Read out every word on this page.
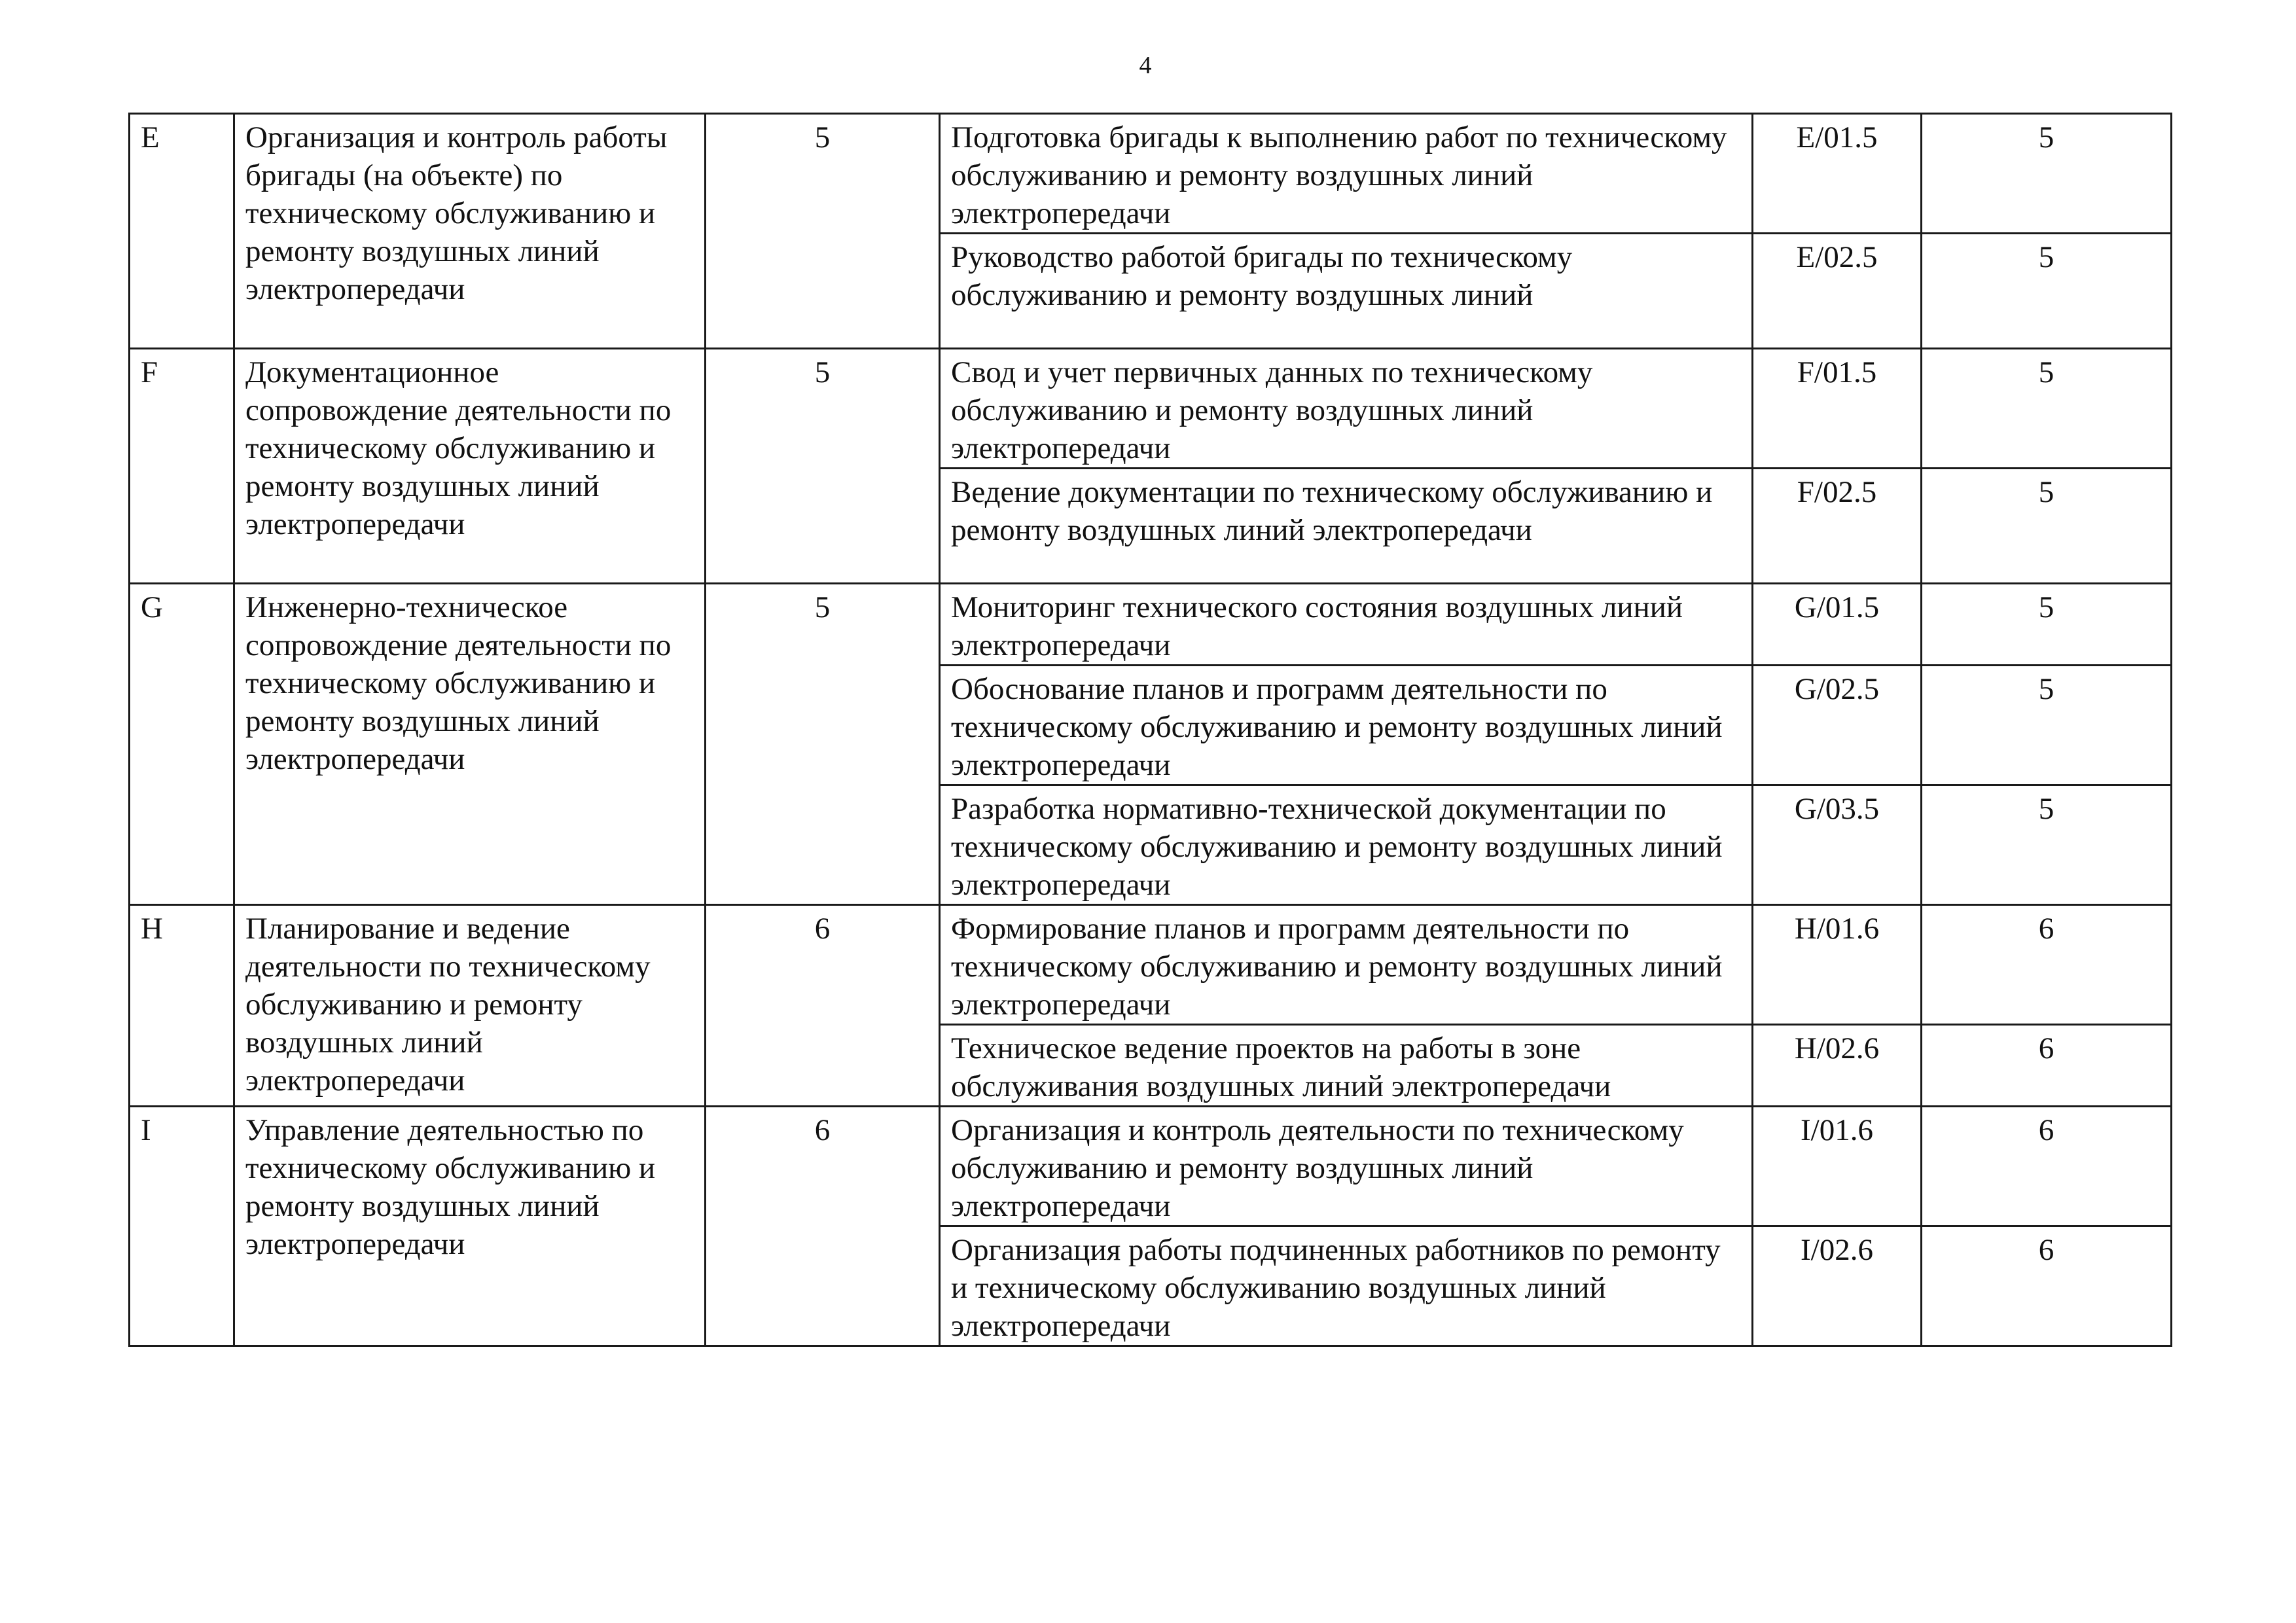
4
E	Организация и контроль работы бригады (на объекте) по техническому обслуживанию и ремонту воздушных линий электропередачи	5	Подготовка бригады к выполнению работ по техническому обслуживанию и ремонту воздушных линий электропередачи	E/01.5	5
			Руководство работой бригады по техническому обслуживанию и ремонту воздушных линий	E/02.5	5
F	Документационное сопровождение деятельности по техническому обслуживанию и ремонту воздушных линий электропередачи	5	Свод и учет первичных данных по техническому обслуживанию и ремонту воздушных линий электропередачи	F/01.5	5
			Ведение документации по техническому обслуживанию и ремонту воздушных линий электропередачи	F/02.5	5
G	Инженерно-техническое сопровождение деятельности по техническому обслуживанию и ремонту воздушных линий электропередачи	5	Мониторинг технического состояния воздушных линий электропередачи	G/01.5	5
			Обоснование планов и программ деятельности по техническому обслуживанию и ремонту воздушных линий электропередачи	G/02.5	5
			Разработка нормативно-технической документации по техническому обслуживанию и ремонту воздушных линий электропередачи	G/03.5	5
H	Планирование и ведение деятельности по техническому обслуживанию и ремонту воздушных линий электропередачи	6	Формирование планов и программ деятельности по техническому обслуживанию и ремонту воздушных линий электропередачи	H/01.6	6
			Техническое ведение проектов на работы в зоне обслуживания воздушных линий электропередачи	H/02.6	6
I	Управление деятельностью по техническому обслуживанию и ремонту воздушных линий электропередачи	6	Организация и контроль деятельности по техническому обслуживанию и ремонту воздушных линий электропередачи	I/01.6	6
			Организация работы подчиненных работников по ремонту и техническому обслуживанию воздушных линий электропередачи	I/02.6	6
